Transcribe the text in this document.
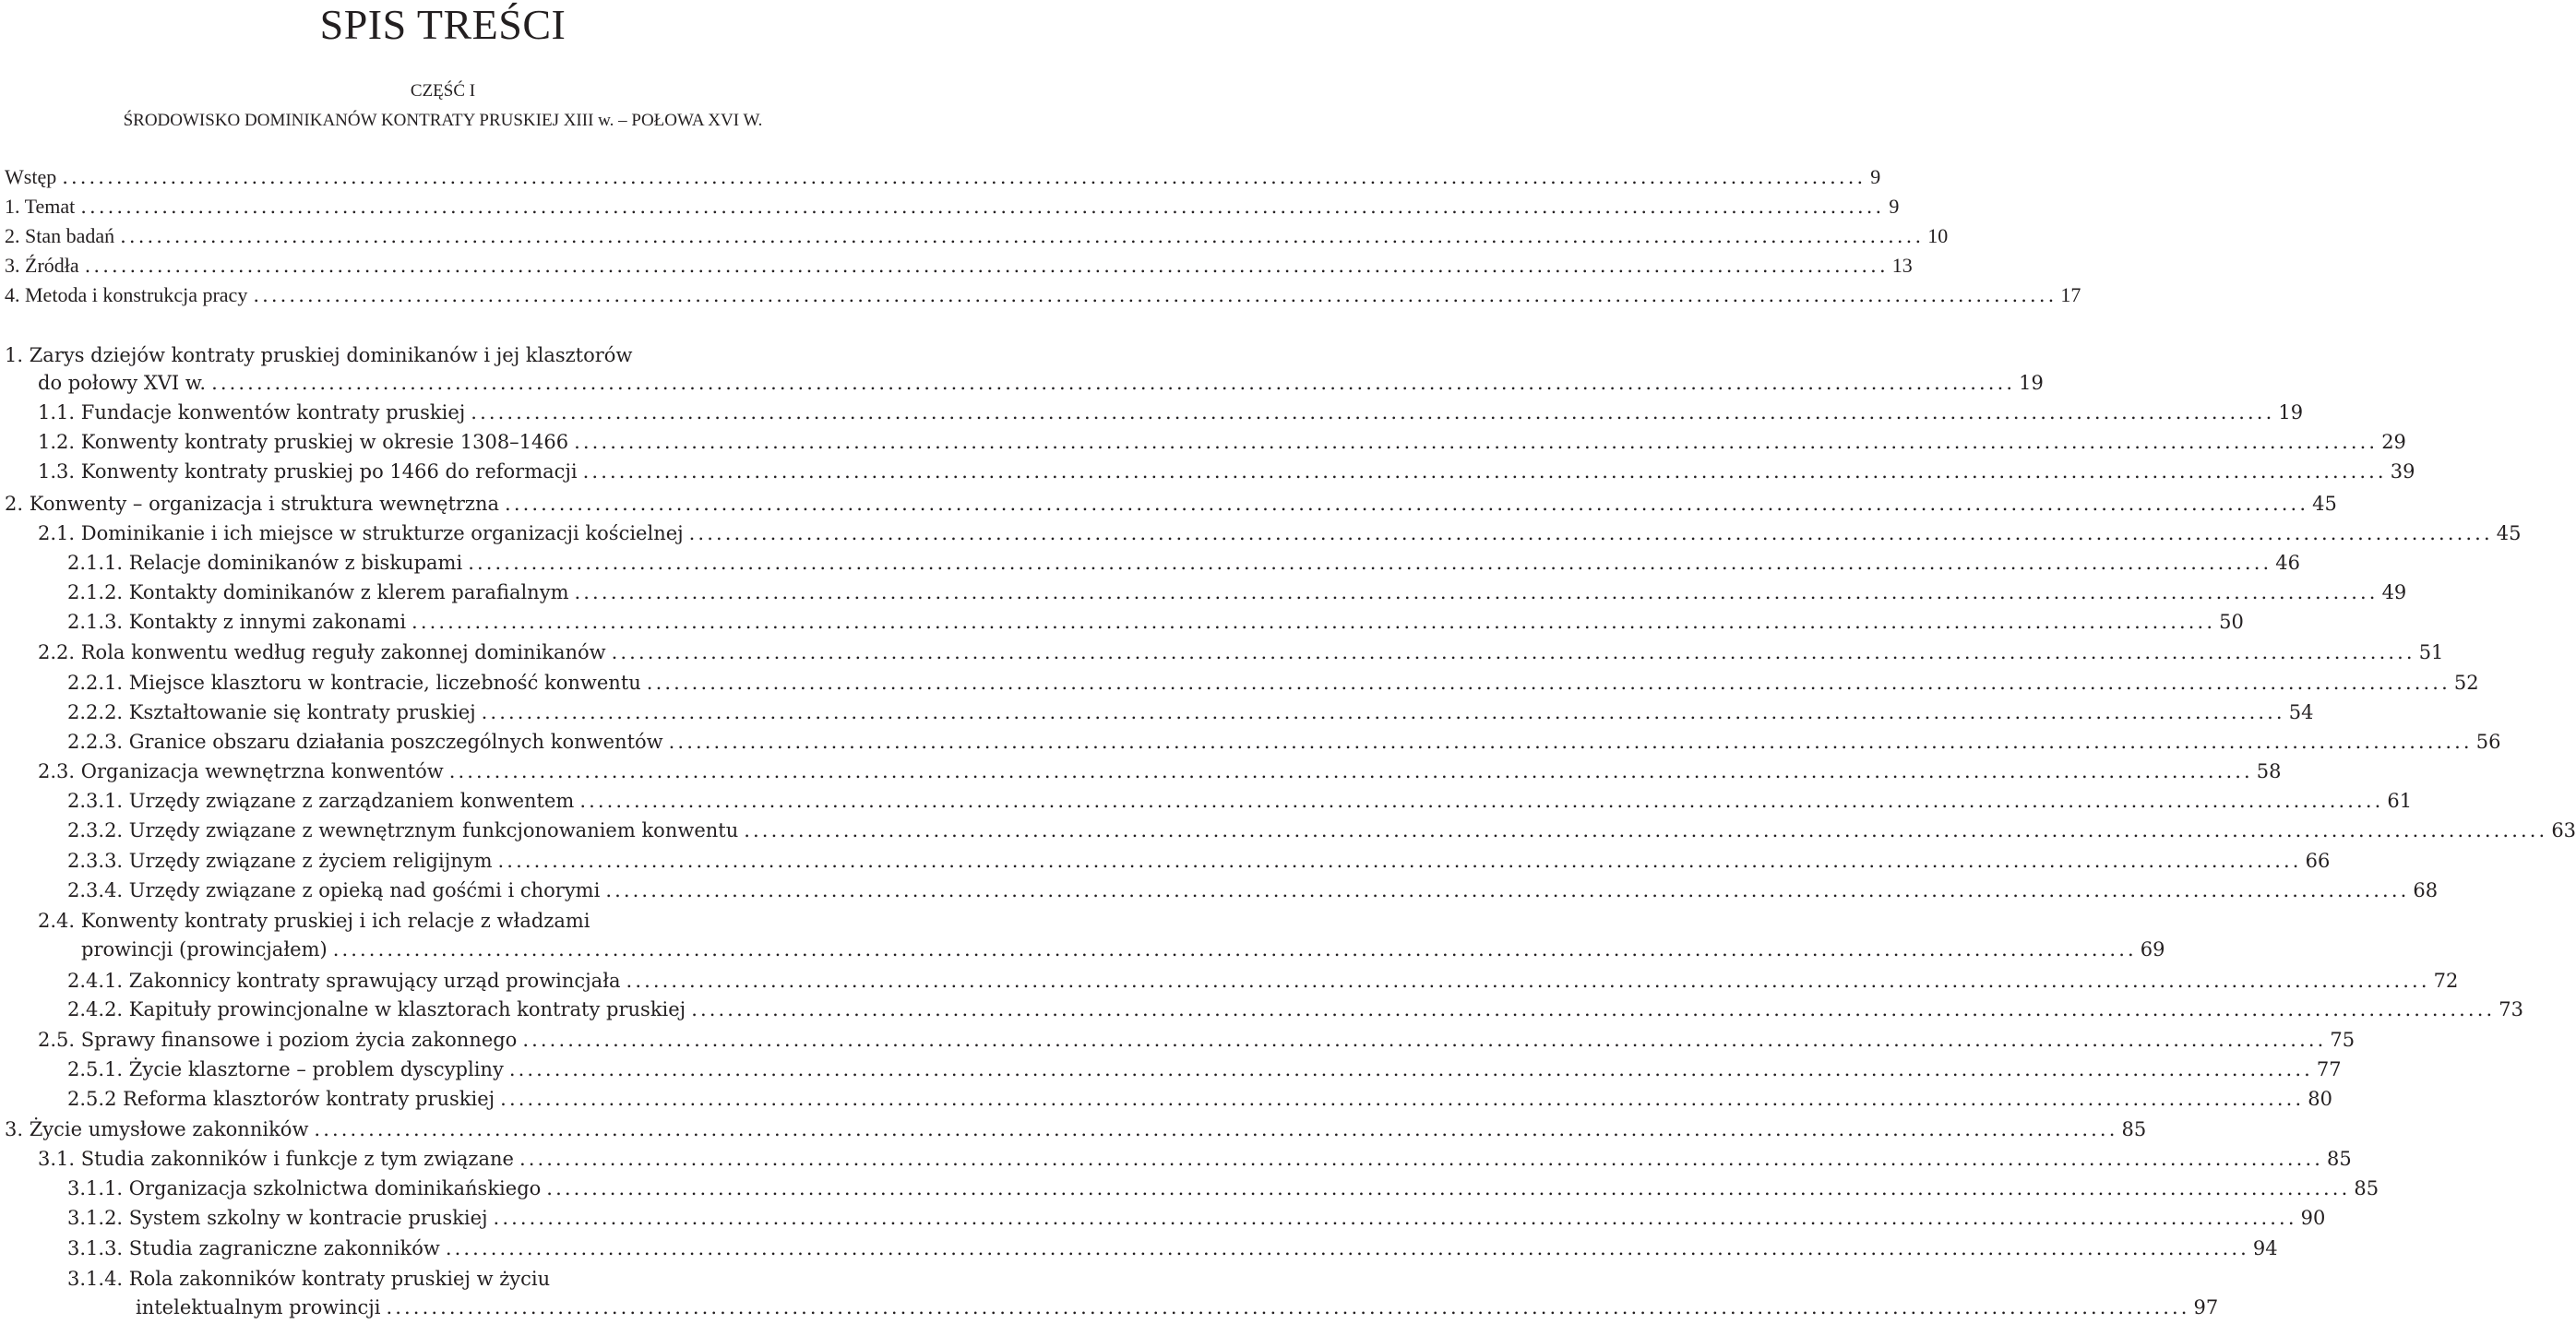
SPIS TREŚCI
CZĘŚĆ I
ŚRODOWISKO DOMINIKANÓW KONTRATY PRUSKIEJ XIII w. – POŁOWA XVI W.
Wstęp ........................................................................................................................................................................................................ 9
1. Temat ........................................................................................................................................................................................................ 9
2. Stan badań ........................................................................................................................................................................................................ 10
3. Źródła ........................................................................................................................................................................................................ 13
4. Metoda i konstrukcja pracy ........................................................................................................................................................................................................ 17
1. Zarys dziejów kontraty pruskiej dominikanów i jej klasztorów
do połowy XVI w. ........................................................................................................................................................................................................ 19
1.1. Fundacje konwentów kontraty pruskiej ........................................................................................................................................................................................................ 19
1.2. Konwenty kontraty pruskiej w okresie 1308–1466 ........................................................................................................................................................................................................ 29
1.3. Konwenty kontraty pruskiej po 1466 do reformacji ........................................................................................................................................................................................................ 39
2. Konwenty – organizacja i struktura wewnętrzna ........................................................................................................................................................................................................ 45
2.1. Dominikanie i ich miejsce w strukturze organizacji kościelnej ........................................................................................................................................................................................................ 45
2.1.1. Relacje dominikanów z biskupami ........................................................................................................................................................................................................ 46
2.1.2. Kontakty dominikanów z klerem parafialnym ........................................................................................................................................................................................................ 49
2.1.3. Kontakty z innymi zakonami ........................................................................................................................................................................................................ 50
2.2. Rola konwentu według reguły zakonnej dominikanów ........................................................................................................................................................................................................ 51
2.2.1. Miejsce klasztoru w kontracie, liczebność konwentu ........................................................................................................................................................................................................ 52
2.2.2. Kształtowanie się kontraty pruskiej ........................................................................................................................................................................................................ 54
2.2.3. Granice obszaru działania poszczególnych konwentów ........................................................................................................................................................................................................ 56
2.3. Organizacja wewnętrzna konwentów ........................................................................................................................................................................................................ 58
2.3.1. Urzędy związane z zarządzaniem konwentem ........................................................................................................................................................................................................ 61
2.3.2. Urzędy związane z wewnętrznym funkcjonowaniem konwentu ........................................................................................................................................................................................................ 63
2.3.3. Urzędy związane z życiem religijnym ........................................................................................................................................................................................................ 66
2.3.4. Urzędy związane z opieką nad gośćmi i chorymi ........................................................................................................................................................................................................ 68
2.4. Konwenty kontraty pruskiej i ich relacje z władzami
prowincji (prowincjałem) ........................................................................................................................................................................................................ 69
2.4.1. Zakonnicy kontraty sprawujący urząd prowincjała ........................................................................................................................................................................................................ 72
2.4.2. Kapituły prowincjonalne w klasztorach kontraty pruskiej ........................................................................................................................................................................................................ 73
2.5. Sprawy finansowe i poziom życia zakonnego ........................................................................................................................................................................................................ 75
2.5.1. Życie klasztorne – problem dyscypliny ........................................................................................................................................................................................................ 77
2.5.2 Reforma klasztorów kontraty pruskiej ........................................................................................................................................................................................................ 80
3. Życie umysłowe zakonników ........................................................................................................................................................................................................ 85
3.1. Studia zakonników i funkcje z tym związane ........................................................................................................................................................................................................ 85
3.1.1. Organizacja szkolnictwa dominikańskiego ........................................................................................................................................................................................................ 85
3.1.2. System szkolny w kontracie pruskiej ........................................................................................................................................................................................................ 90
3.1.3. Studia zagraniczne zakonników ........................................................................................................................................................................................................ 94
3.1.4. Rola zakonników kontraty pruskiej w życiu
intelektualnym prowincji ........................................................................................................................................................................................................ 97
